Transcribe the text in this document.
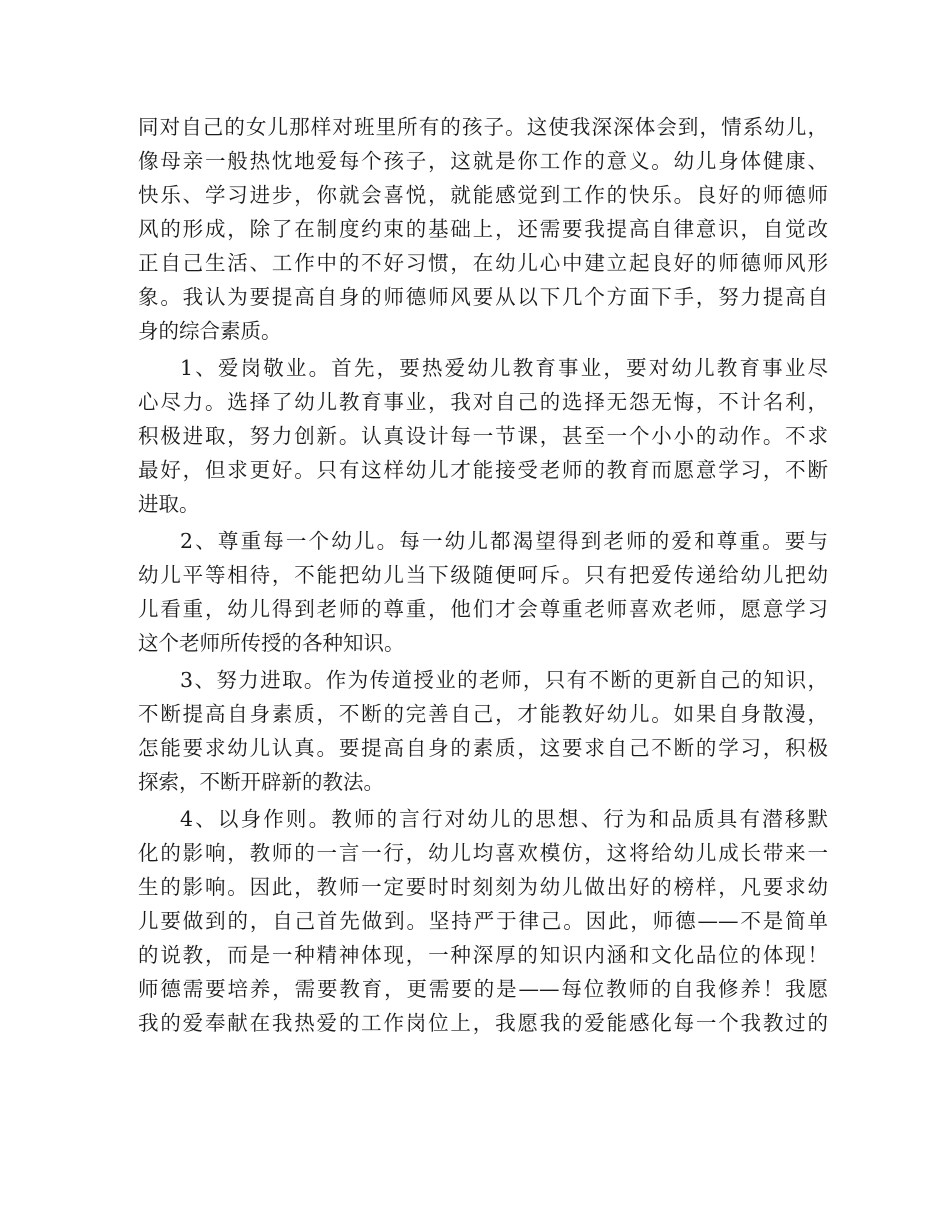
同对自己的女儿那样对班里所有的孩子。这使我深深体会到，情系幼儿，
像母亲一般热忱地爱每个孩子，这就是你工作的意义。幼儿身体健康、
快乐、学习进步，你就会喜悦，就能感觉到工作的快乐。良好的师德师
风的形成，除了在制度约束的基础上，还需要我提高自律意识，自觉改
正自己生活、工作中的不好习惯，在幼儿心中建立起良好的师德师风形
象。我认为要提高自身的师德师风要从以下几个方面下手，努力提高自
身的综合素质。
1、爱岗敬业。首先，要热爱幼儿教育事业，要对幼儿教育事业尽
心尽力。选择了幼儿教育事业，我对自己的选择无怨无悔，不计名利，
积极进取，努力创新。认真设计每一节课，甚至一个小小的动作。不求
最好，但求更好。只有这样幼儿才能接受老师的教育而愿意学习，不断
进取。
2、尊重每一个幼儿。每一幼儿都渴望得到老师的爱和尊重。要与
幼儿平等相待，不能把幼儿当下级随便呵斥。只有把爱传递给幼儿把幼
儿看重，幼儿得到老师的尊重，他们才会尊重老师喜欢老师，愿意学习
这个老师所传授的各种知识。
3、努力进取。作为传道授业的老师，只有不断的更新自己的知识，
不断提高自身素质，不断的完善自己，才能教好幼儿。如果自身散漫，
怎能要求幼儿认真。要提高自身的素质，这要求自己不断的学习，积极
探索，不断开辟新的教法。
4、以身作则。教师的言行对幼儿的思想、行为和品质具有潜移默
化的影响，教师的一言一行，幼儿均喜欢模仿，这将给幼儿成长带来一
生的影响。因此，教师一定要时时刻刻为幼儿做出好的榜样，凡要求幼
儿要做到的，自己首先做到。坚持严于律己。因此，师德——不是简单
的说教，而是一种精神体现，一种深厚的知识内涵和文化品位的体现！
师德需要培养，需要教育，更需要的是——每位教师的自我修养！我愿
我的爱奉献在我热爱的工作岗位上，我愿我的爱能感化每一个我教过的
